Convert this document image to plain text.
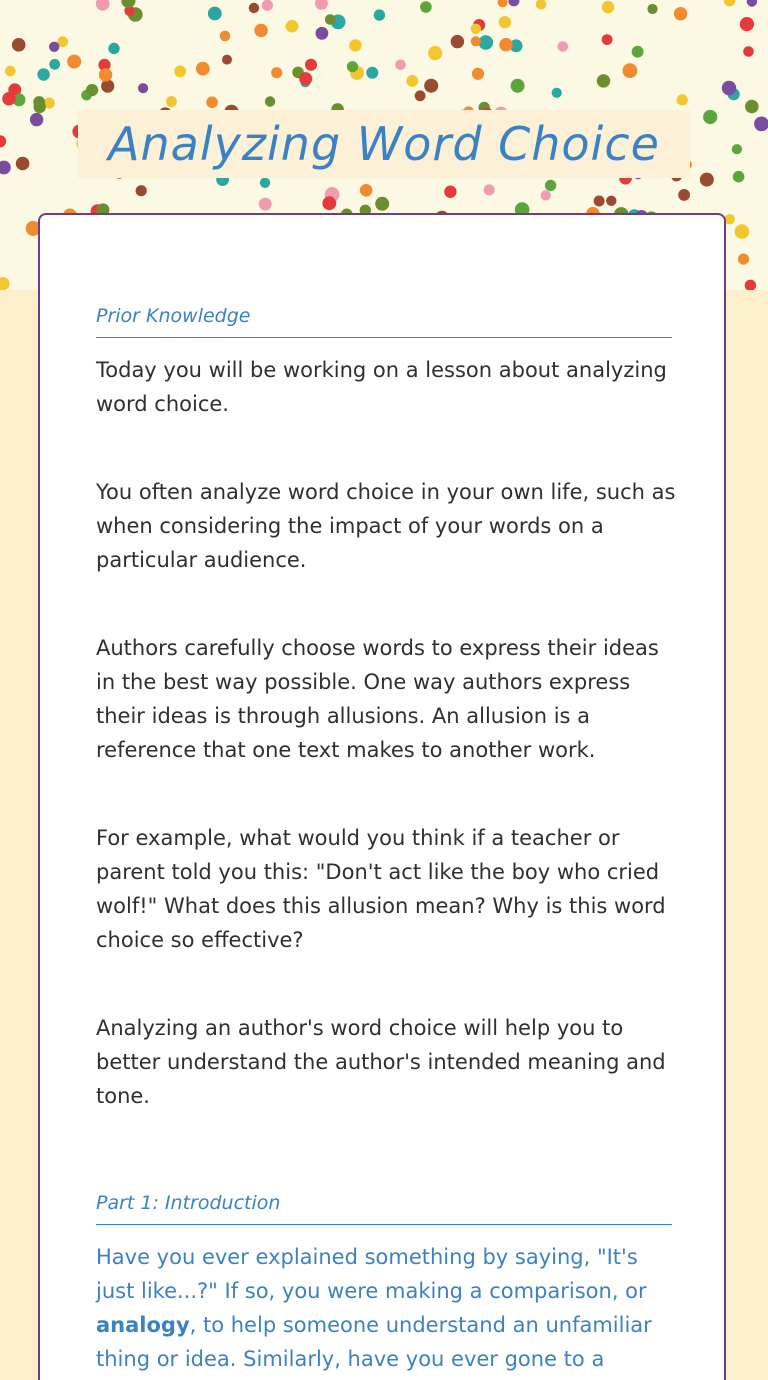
Analyzing Word Choice
Prior Knowledge

Today you will be working on a lesson about analyzing word choice.

You often analyze word choice in your own life, such as when considering the impact of your words on a particular audience.

Authors carefully choose words to express their ideas in the best way possible. One way authors express their ideas is through allusions. An allusion is a reference that one text makes to another work.

For example, what would you think if a teacher or parent told you this: "Don't act like the boy who cried wolf!" What does this allusion mean? Why is this word choice so effective?

Analyzing an author's word choice will help you to better understand the author's intended meaning and tone.

Part 1: Introduction

Have you ever explained something by saying, "It's just like...?" If so, you were making a comparison, or analogy, to help someone understand an unfamiliar thing or idea. Similarly, have you ever gone to a
